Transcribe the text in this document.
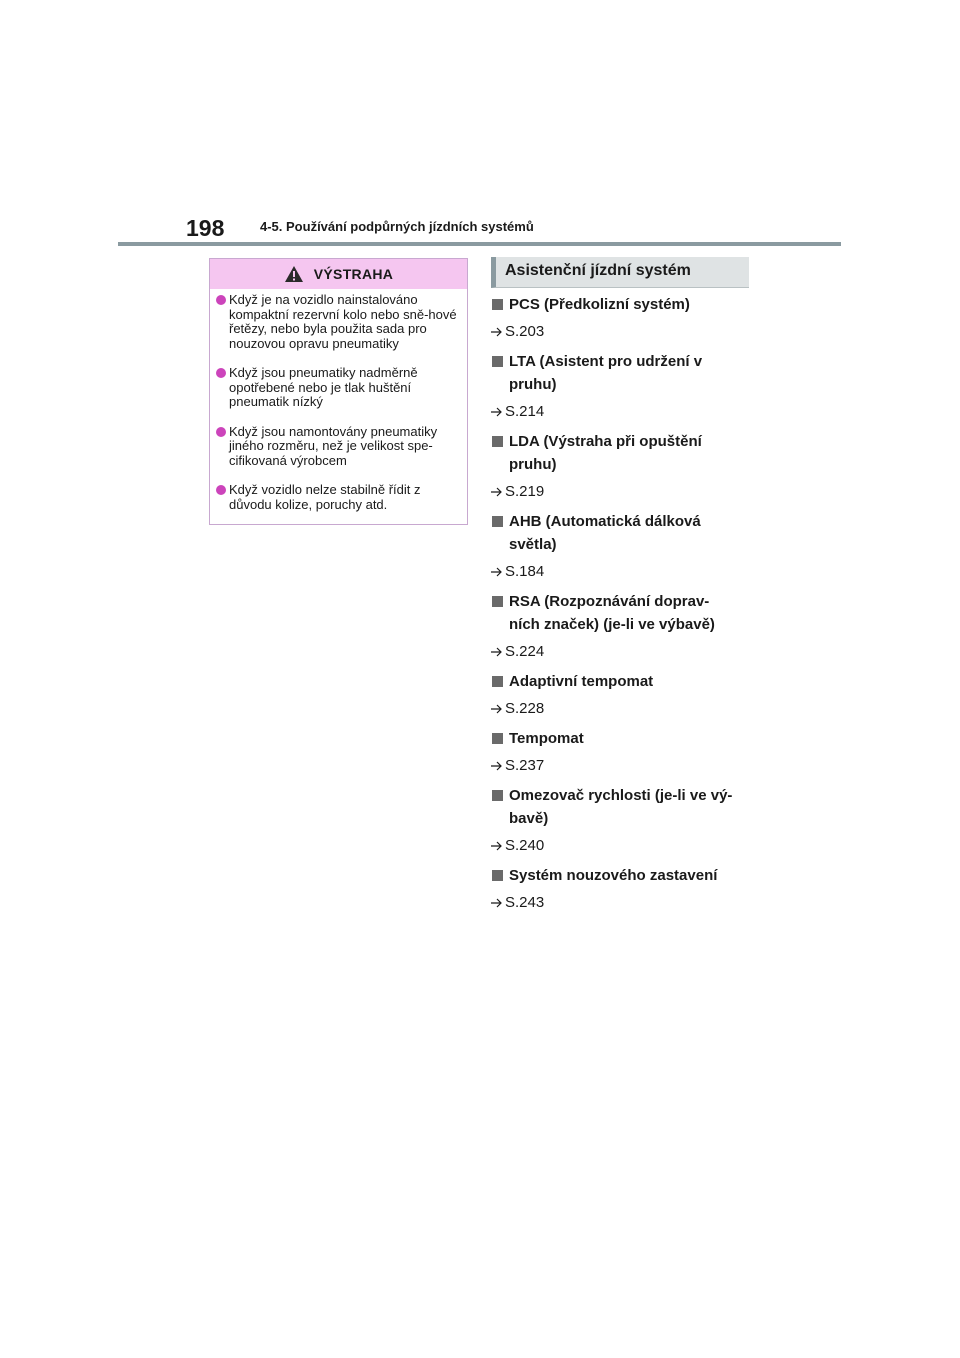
198	4-5. Používání podpůrných jízdních systémů
VÝSTRAHA
Když je na vozidlo nainstalováno kompaktní rezervní kolo nebo sně-hové řetězy, nebo byla použita sada pro nouzovou opravu pneumatiky
Když jsou pneumatiky nadměrně opotřebené nebo je tlak huštění pneumatik nízký
Když jsou namontovány pneumatiky jiného rozměru, než je velikost spe-cifikovaná výrobcem
Když vozidlo nelze stabilně řídit z důvodu kolize, poruchy atd.
Asistenční jízdní systém
PCS (Předkolizní systém)
S.203
LTA (Asistent pro udržení v pruhu)
S.214
LDA (Výstraha při opuštění pruhu)
S.219
AHB (Automatická dálková světla)
S.184
RSA (Rozpoznávání doprav-ních značek) (je-li ve výbavě)
S.224
Adaptivní tempomat
S.228
Tempomat
S.237
Omezovač rychlosti (je-li ve vý-bavě)
S.240
Systém nouzového zastavení
S.243
